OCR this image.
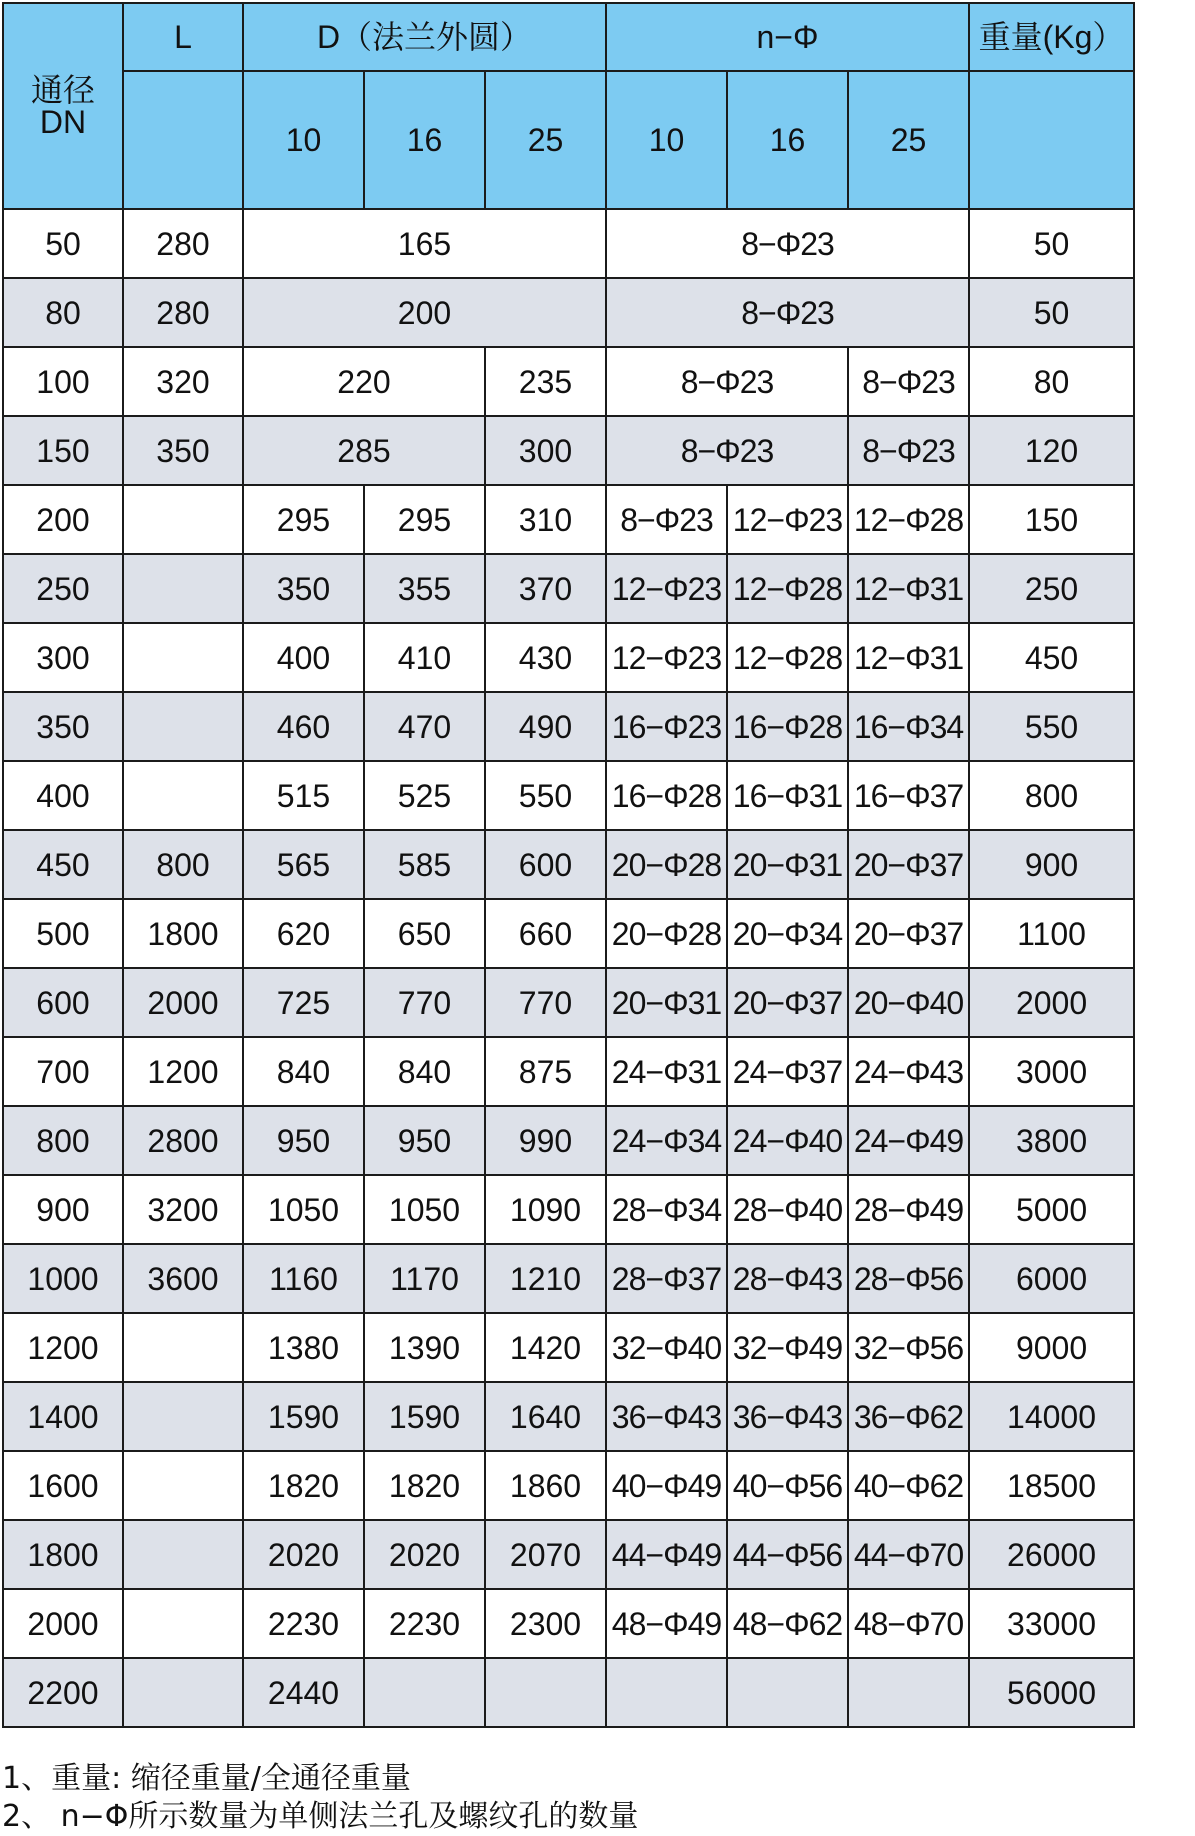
通径
DN	L	D（法兰外圆）			n−Φ			重量(Kg）
		10	16	25	10	16	25	
50	280	165			8−Φ23			50
80	280	200			8−Φ23			50
100	320	220		235	8−Φ23		8−Φ23	80
150	350	285		300	8−Φ23		8−Φ23	120
200		295	295	310	8−Φ23	12−Φ23	12−Φ28	150
250		350	355	370	12−Φ23	12−Φ28	12−Φ31	250
300		400	410	430	12−Φ23	12−Φ28	12−Φ31	450
350		460	470	490	16−Φ23	16−Φ28	16−Φ34	550
400		515	525	550	16−Φ28	16−Φ31	16−Φ37	800
450	800	565	585	600	20−Φ28	20−Φ31	20−Φ37	900
500	1800	620	650	660	20−Φ28	20−Φ34	20−Φ37	1100
600	2000	725	770	770	20−Φ31	20−Φ37	20−Φ40	2000
700	1200	840	840	875	24−Φ31	24−Φ37	24−Φ43	3000
800	2800	950	950	990	24−Φ34	24−Φ40	24−Φ49	3800
900	3200	1050	1050	1090	28−Φ34	28−Φ40	28−Φ49	5000
1000	3600	1160	1170	1210	28−Φ37	28−Φ43	28−Φ56	6000
1200		1380	1390	1420	32−Φ40	32−Φ49	32−Φ56	9000
1400		1590	1590	1640	36−Φ43	36−Φ43	36−Φ62	14000
1600		1820	1820	1860	40−Φ49	40−Φ56	40−Φ62	18500
1800		2020	2020	2070	44−Φ49	44−Φ56	44−Φ70	26000
2000		2230	2230	2300	48−Φ49	48−Φ62	48−Φ70	33000
2200		2440						56000
1、重量: 缩径重量/全通径重量
2、 n−Φ所示数量为单侧法兰孔及螺纹孔的数量
